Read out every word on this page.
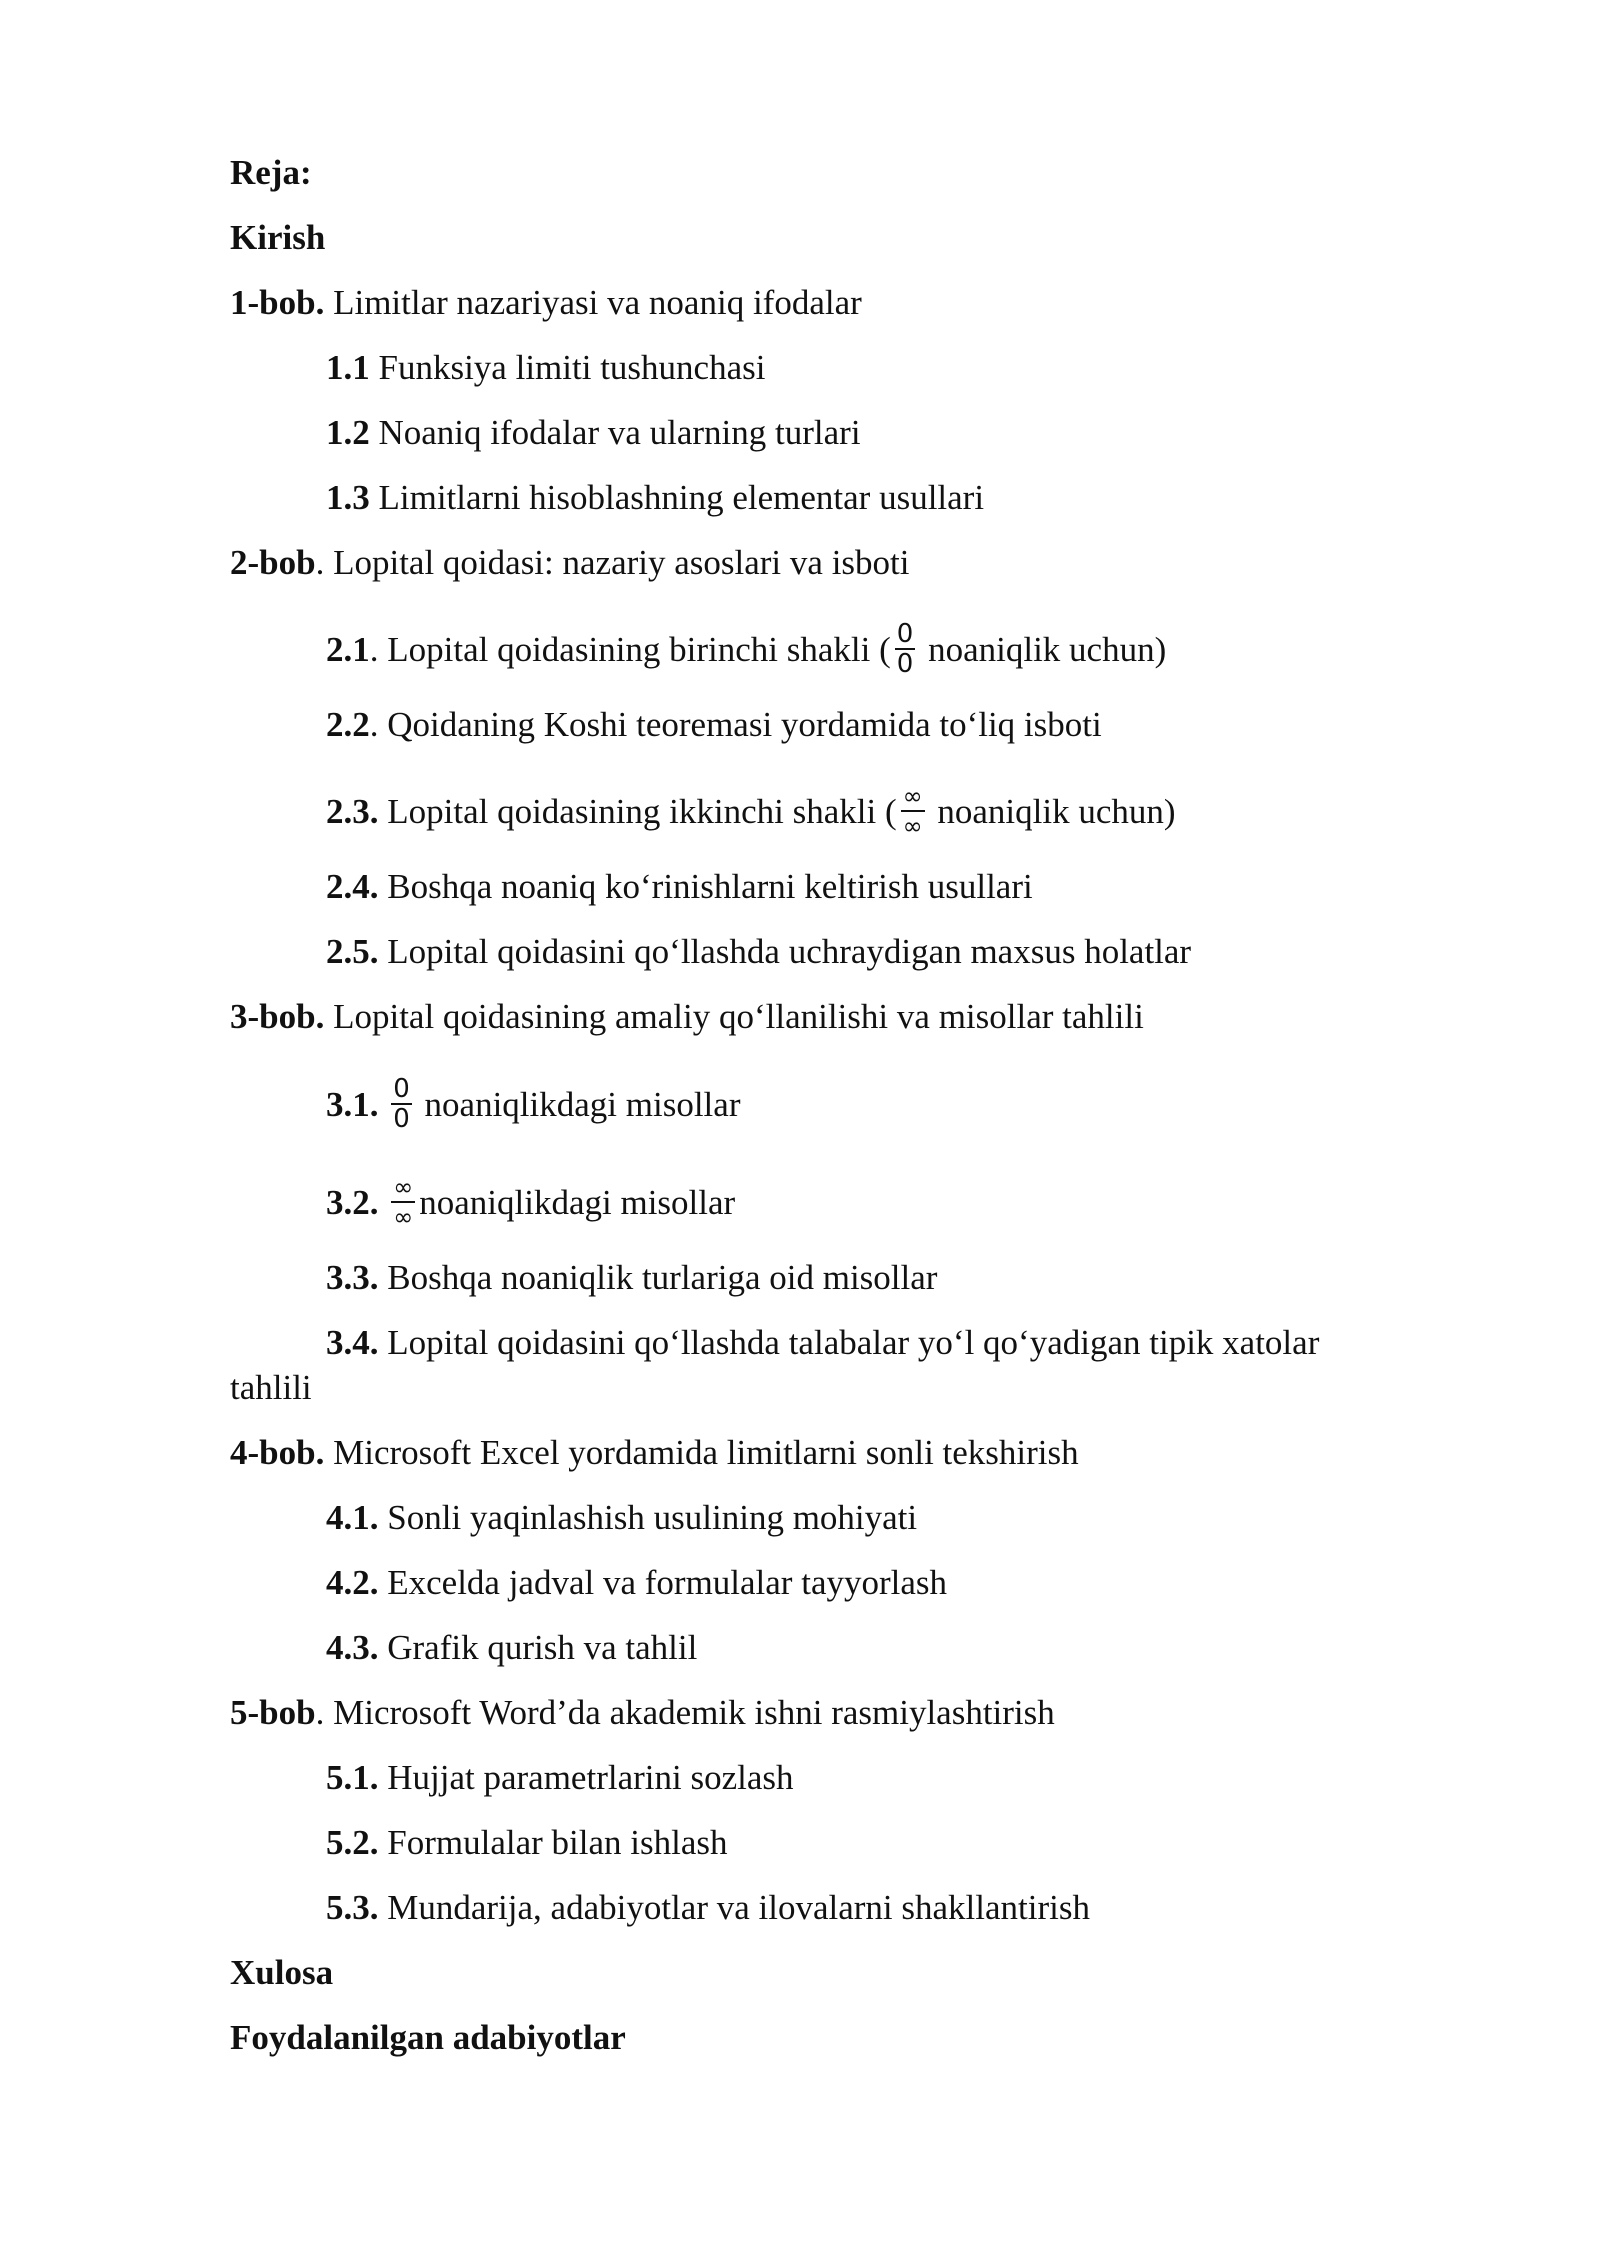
Reja:
Kirish
1-bob. Limitlar nazariyasi va noaniq ifodalar
1.1 Funksiya limiti tushunchasi
1.2 Noaniq ifodalar va ularning turlari
1.3 Limitlarni hisoblashning elementar usullari
2-bob. Lopital qoidasi: nazariy asoslari va isboti
2.1. Lopital qoidasining birinchi shakli ( $\frac{0}{0}$ noaniqlik uchun)
2.2. Qoidaning Koshi teoremasi yordamida to‘liq isboti
2.3. Lopital qoidasining ikkinchi shakli ( $\frac{\infty}{\infty}$ noaniqlik uchun)
2.4. Boshqa noaniq ko‘rinishlarni keltirish usullari
2.5. Lopital qoidasini qo‘llashda uchraydigan maxsus holatlar
3-bob. Lopital qoidasining amaliy qo‘llanilishi va misollar tahlili
3.1. $\frac{0}{0}$ noaniqlikdagi misollar
3.2. $\frac{\infty}{\infty}$ noaniqlikdagi misollar
3.3. Boshqa noaniqlik turlariga oid misollar
3.4. Lopital qoidasini qo‘llashda talabalar yo‘l qo‘yadigan tipik xatolar
tahlili
4-bob. Microsoft Excel yordamida limitlarni sonli tekshirish
4.1. Sonli yaqinlashish usulining mohiyati
4.2. Excelda jadval va formulalar tayyorlash
4.3. Grafik qurish va tahlil
5-bob. Microsoft Word’da akademik ishni rasmiylashtirish
5.1. Hujjat parametrlarini sozlash
5.2. Formulalar bilan ishlash
5.3. Mundarija, adabiyotlar va ilovalarni shakllantirish
Xulosa
Foydalanilgan adabiyotlar
